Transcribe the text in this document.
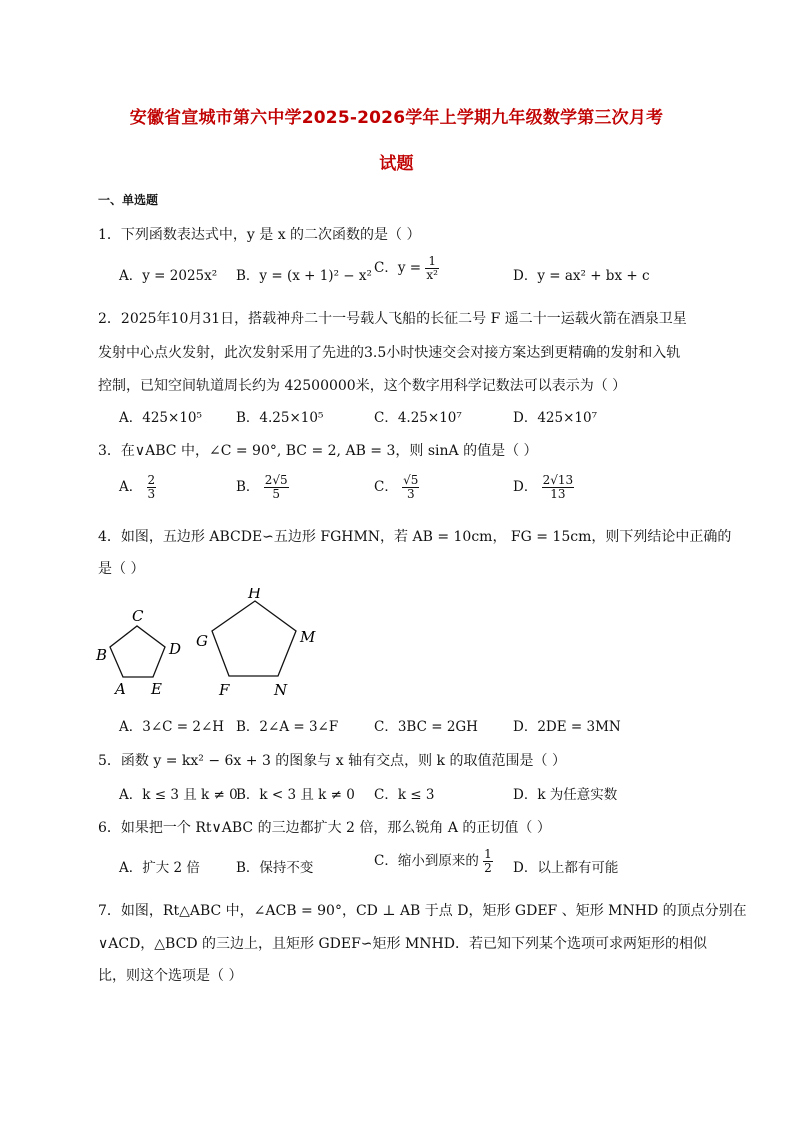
安徽省宣城市第六中学2025-2026学年上学期九年级数学第三次月考
试题
一、单选题
1．下列函数表达式中，y 是 x 的二次函数的是（ ）
A．y = 2025x² B．y = (x + 1)² − x² C．$y = \frac{1}{\text{x²}}$	D．y = ax² + bx + c
2．2025年10月31日，搭载神舟二十一号载人飞船的长征二号 F 遥二十一运载火箭在酒泉卫星
发射中心点火发射，此次发射采用了先进的3.5小时快速交会对接方案达到更精确的发射和入轨
控制，已知空间轨道周长约为 42500000米，这个数字用科学记数法可以表示为（ ）
A．425×10⁵	B．4.25×10⁵	C．4.25×10⁷	D．425×10⁷
3．在∨ABC 中，∠C = 90°, BC = 2, AB = 3，则 sinA 的值是（ ）
A． $\frac{2}{3}$	B． $\frac{2√5}{5}$	C． $\frac{√5}{3}$	D． $\frac{2√13}{13}$
4．如图，五边形 ABCDE∽五边形 FGHMN，若 AB = 10cm， FG = 15cm，则下列结论中正确的
是（ ）
A
B
C
D
E	F
G
H
M
N
A．3∠C = 2∠H B．2∠A = 3∠F	C．3BC = 2GH	D．2DE = 3MN
5．函数 y = kx² − 6x + 3 的图象与 x 轴有交点，则 k 的取值范围是（ ）
A．k ≤ 3 且 k ≠ 0
B．k < 3 且 k ≠ 0 C．k ≤ 3	D．k 为任意实数
6．如果把一个 Rt∨ABC 的三边都扩大 2 倍，那么锐角 A 的正切值（ ）
A．扩大 2 倍	B．保持不变	C．缩小到原来的 $\frac{1}{2}$ D．以上都有可能
7．如图，Rt△ABC 中，∠ACB = 90°，CD ⊥ AB 于点 D，矩形 GDEF 、矩形 MNHD 的顶点分别在
∨ACD，△BCD 的三边上，且矩形 GDEF∽矩形 MNHD．若已知下列某个选项可求两矩形的相似
比，则这个选项是（ ）
